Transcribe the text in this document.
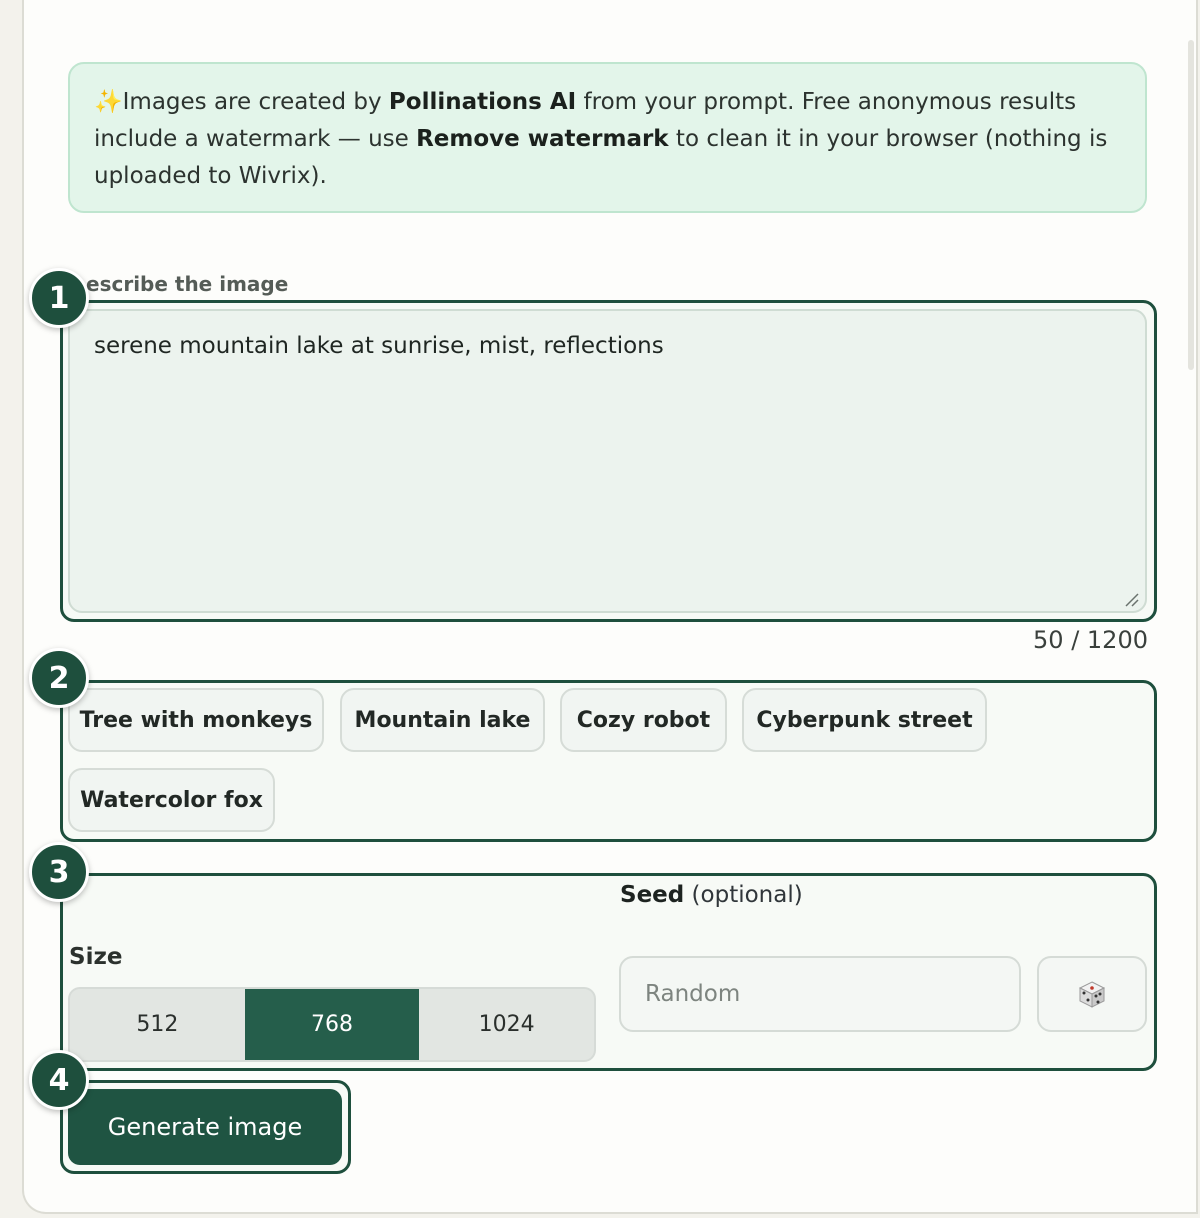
✨Images are created by Pollinations AI from your prompt. Free anonymous results include a watermark — use Remove watermark to clean it in your browser (nothing is uploaded to Wivrix).
escribe the image
serene mountain lake at sunrise, mist, reflections
50 / 1200
Tree with monkeys	Mountain lake	Cozy robot	Cyberpunk street
Watercolor fox
Seed (optional)
Size
512	768	1024
Random
Generate image
1
2
3
4
